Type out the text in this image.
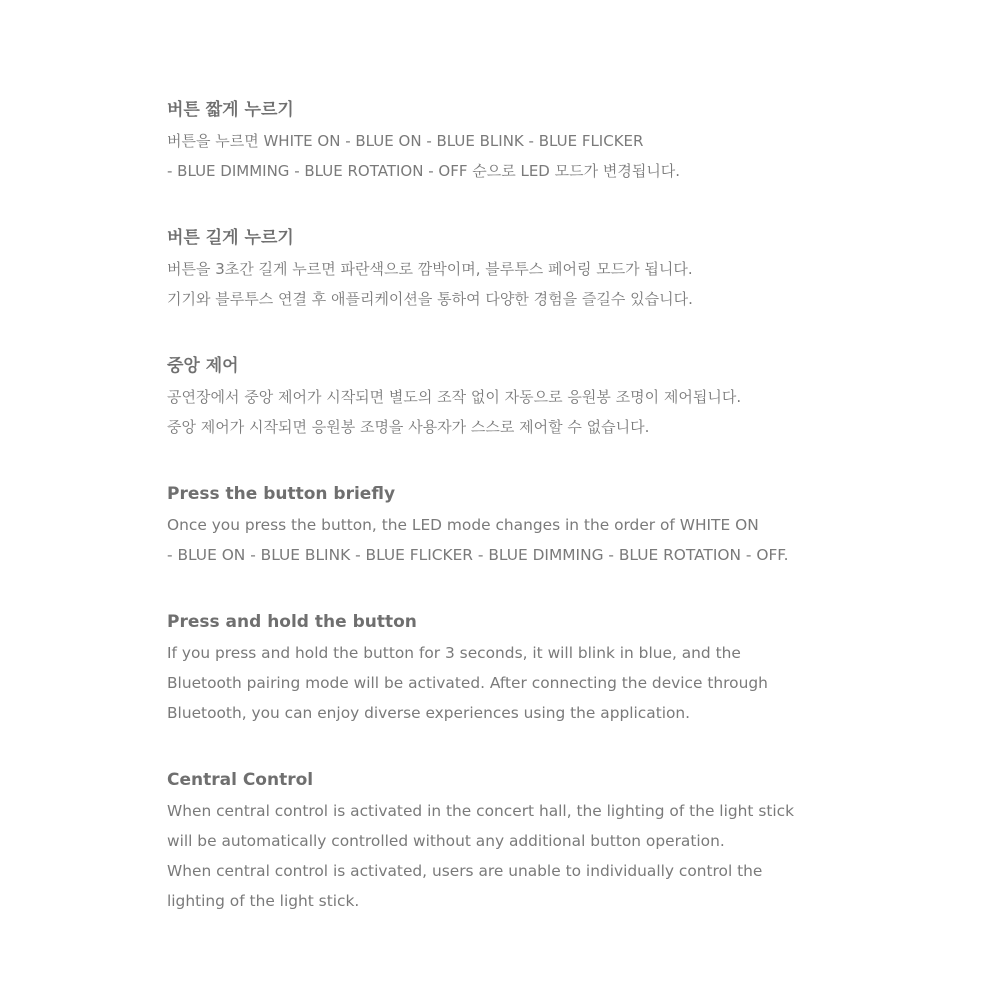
버튼 짧게 누르기
버튼을 누르면 WHITE ON - BLUE ON - BLUE BLINK - BLUE FLICKER
- BLUE DIMMING - BLUE ROTATION - OFF 순으로 LED 모드가 변경됩니다.
버튼 길게 누르기
버튼을 3초간 길게 누르면 파란색으로 깜박이며, 블루투스 페어링 모드가 됩니다.
기기와 블루투스 연결 후 애플리케이션을 통하여 다양한 경험을 즐길수 있습니다.
중앙 제어
공연장에서 중앙 제어가 시작되면 별도의 조작 없이 자동으로 응원봉 조명이 제어됩니다.
중앙 제어가 시작되면 응원봉 조명을 사용자가 스스로 제어할 수 없습니다.
Press the button briefly
Once you press the button, the LED mode changes in the order of WHITE ON
- BLUE ON - BLUE BLINK - BLUE FLICKER - BLUE DIMMING - BLUE ROTATION - OFF.
Press and hold the button
If you press and hold the button for 3 seconds, it will blink in blue, and the
Bluetooth pairing mode will be activated. After connecting the device through
Bluetooth, you can enjoy diverse experiences using the application.
Central Control
When central control is activated in the concert hall, the lighting of the light stick
will be automatically controlled without any additional button operation.
When central control is activated, users are unable to individually control the
lighting of the light stick.
